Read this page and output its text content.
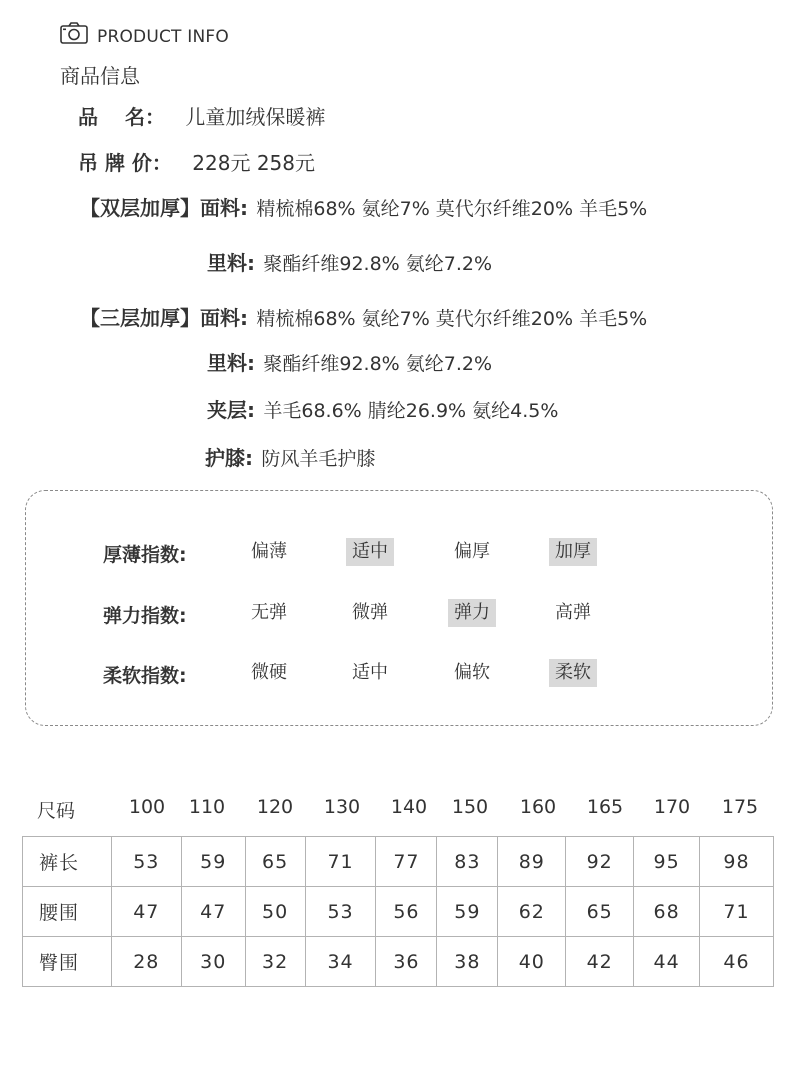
PRODUCT INFO
商品信息
品　 名： 儿童加绒保暖裤
吊 牌 价： 228元 258元
【双层加厚】面料: 精梳棉68% 氨纶7% 莫代尔纤维20% 羊毛5%
里料: 聚酯纤维92.8% 氨纶7.2%
【三层加厚】面料: 精梳棉68% 氨纶7% 莫代尔纤维20% 羊毛5%
里料: 聚酯纤维92.8% 氨纶7.2%
夹层: 羊毛68.6% 腈纶26.9% 氨纶4.5%
护膝: 防风羊毛护膝
厚薄指数:	偏薄	适中	偏厚	加厚
弹力指数:	无弹	微弹	弹力	高弹
柔软指数:	微硬	适中	偏软	柔软
尺码	100	110	120	130	140	150	160	165	170	175
裤长	53	59	65	71	77	83	89	92	95	98
腰围	47	47	50	53	56	59	62	65	68	71
臀围	28	30	32	34	36	38	40	42	44	46
